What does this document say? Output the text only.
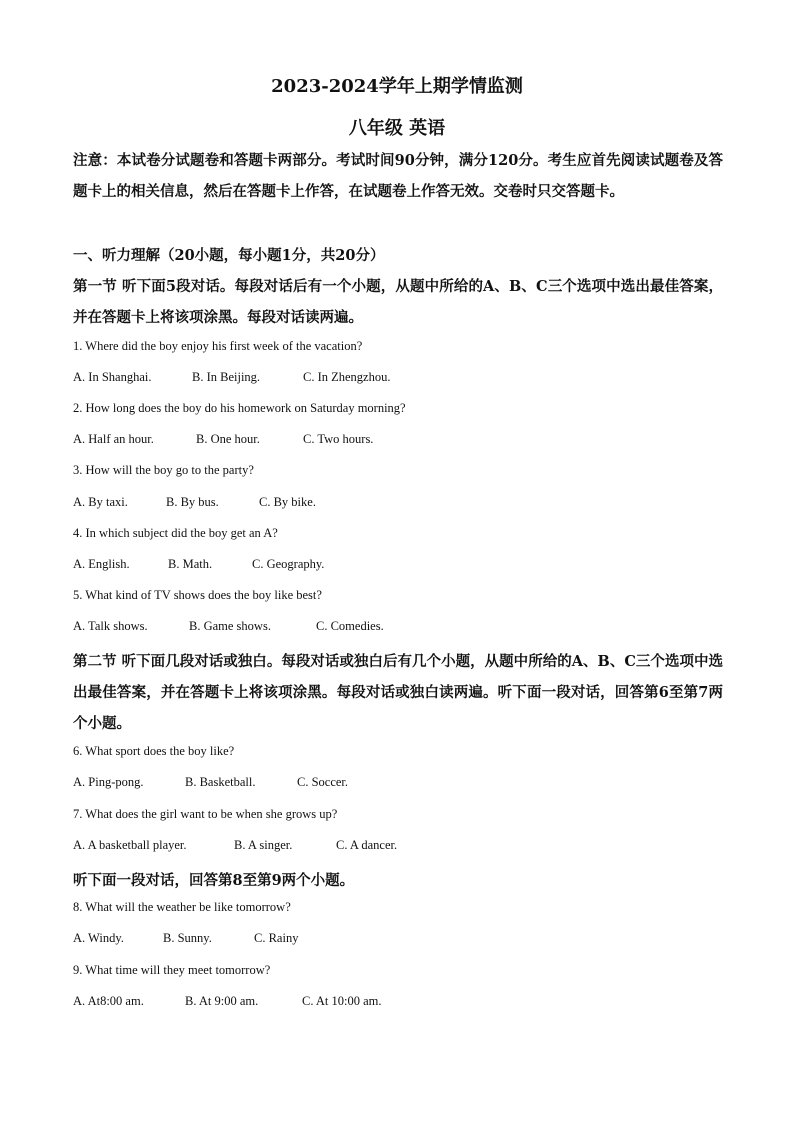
2023-2024学年上期学情监测
八年级 英语
注意：本试卷分试题卷和答题卡两部分。考试时间90分钟，满分120分。考生应首先阅读试题卷及答题卡上的相关信息，然后在答题卡上作答，在试题卷上作答无效。交卷时只交答题卡。
一、听力理解（20小题，每小题1分，共20分）
第一节 听下面5段对话。每段对话后有一个小题，从题中所给的A、B、C三个选项中选出最佳答案，并在答题卡上将该项涂黑。每段对话读两遍。
1. Where did the boy enjoy his first week of the vacation?
A. In Shanghai.	B. In Beijing.	C. In Zhengzhou.
2. How long does the boy do his homework on Saturday morning?
A. Half an hour.	B. One hour.	C. Two hours.
3. How will the boy go to the party?
A. By taxi.	B. By bus.	C. By bike.
4. In which subject did the boy get an A?
A. English.	B. Math.	C. Geography.
5. What kind of TV shows does the boy like best?
A. Talk shows.	B. Game shows.	C. Comedies.
第二节 听下面几段对话或独白。每段对话或独白后有几个小题，从题中所给的A、B、C三个选项中选出最佳答案，并在答题卡上将该项涂黑。每段对话或独白读两遍。听下面一段对话，回答第6至第7两个小题。
6. What sport does the boy like?
A. Ping-pong.	B. Basketball.	C. Soccer.
7. What does the girl want to be when she grows up?
A. A basketball player.	B. A singer.	C. A dancer.
听下面一段对话，回答第8至第9两个小题。
8. What will the weather be like tomorrow?
A. Windy.	B. Sunny.	C. Rainy
9. What time will they meet tomorrow?
A. At8:00 am.	B. At 9:00 am.	C. At 10:00 am.
